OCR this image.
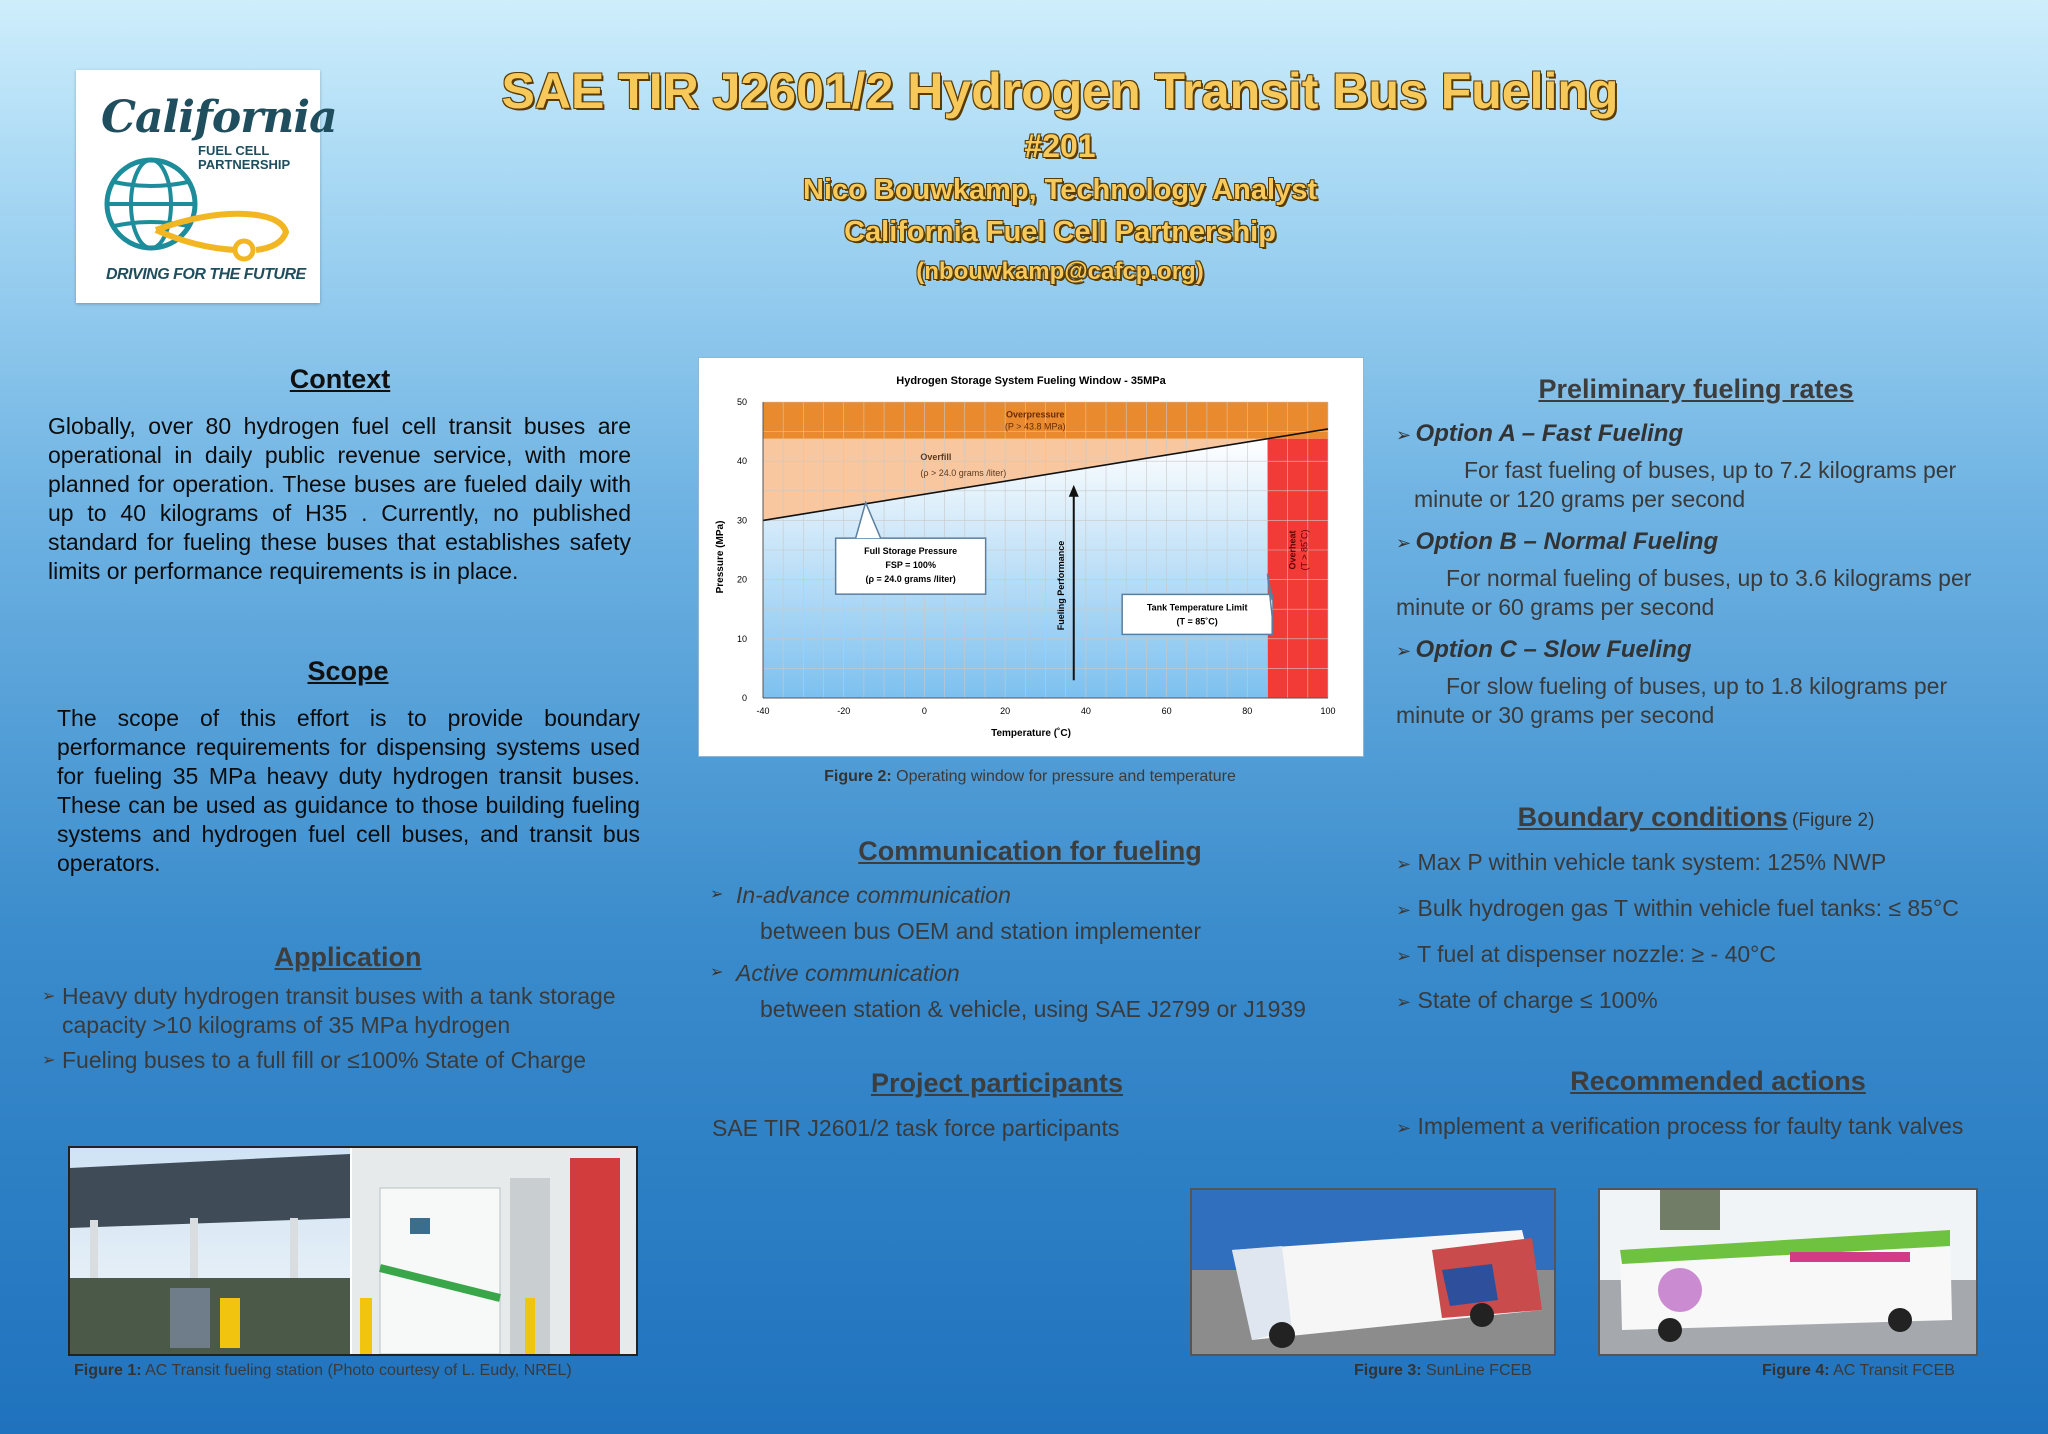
California
FUEL CELL
PARTNERSHIP
DRIVING FOR THE FUTURE
SAE TIR J2601/2 Hydrogen Transit Bus Fueling
#201
Nico Bouwkamp, Technology Analyst
California Fuel Cell Partnership
(nbouwkamp@cafcp.org)
Context
Globally, over 80 hydrogen fuel cell transit buses are operational in daily public revenue service, with more planned for operation. These buses are fueled daily with up to 40 kilograms of H35 . Currently, no published standard for fueling these buses that establishes safety limits or performance requirements is in place.
Scope
The scope of this effort is to provide boundary performance requirements for dispensing systems used for fueling 35 MPa heavy duty hydrogen transit buses. These can be used as guidance to those building fueling systems and hydrogen fuel cell buses, and transit bus operators.
Application
➢ Heavy duty hydrogen transit buses with a tank storage capacity >10 kilograms of 35 MPa hydrogen
➢ Fueling buses to a full fill or ≤100% State of Charge
Figure 1: AC Transit fueling station (Photo courtesy of L. Eudy, NREL)
Hydrogen Storage System Fueling Window - 35MPa
-40	-20	0	20	40	60	80	100
0
10
20
30
40
50
Overpressure
(P > 43.8 MPa)
Overfill
(ρ > 24.0 grams /liter)
Overheat (T > 85˚C)
Full Storage Pressure
FSP = 100%
(ρ = 24.0 grams /liter)
Tank Temperature Limit
(T = 85˚C)
Fueling Performance
Temperature (˚C)
Pressure (MPa)
Figure 2: Operating window for pressure and temperature
Communication for fueling
➢ In-advance communication
between bus OEM and station implementer
➢ Active communication
between station & vehicle, using SAE J2799 or J1939
Project participants
SAE TIR J2601/2 task force participants
Preliminary fueling rates
➢ Option A – Fast Fueling
For fast fueling of buses, up to 7.2 kilograms per minute or 120 grams per second
➢ Option B – Normal Fueling
For normal fueling of buses, up to 3.6 kilograms per minute or 60 grams per second
➢ Option C – Slow Fueling
For slow fueling of buses, up to 1.8 kilograms per minute or 30 grams per second
Boundary conditions (Figure 2)
➢ Max P within vehicle tank system: 125% NWP
➢ Bulk hydrogen gas T within vehicle fuel tanks: ≤ 85°C
➢ T fuel at dispenser nozzle: ≥ - 40°C
➢ State of charge ≤ 100%
Recommended actions
➢ Implement a verification process for faulty tank valves
Figure 3: SunLine FCEB	Figure 4: AC Transit FCEB
